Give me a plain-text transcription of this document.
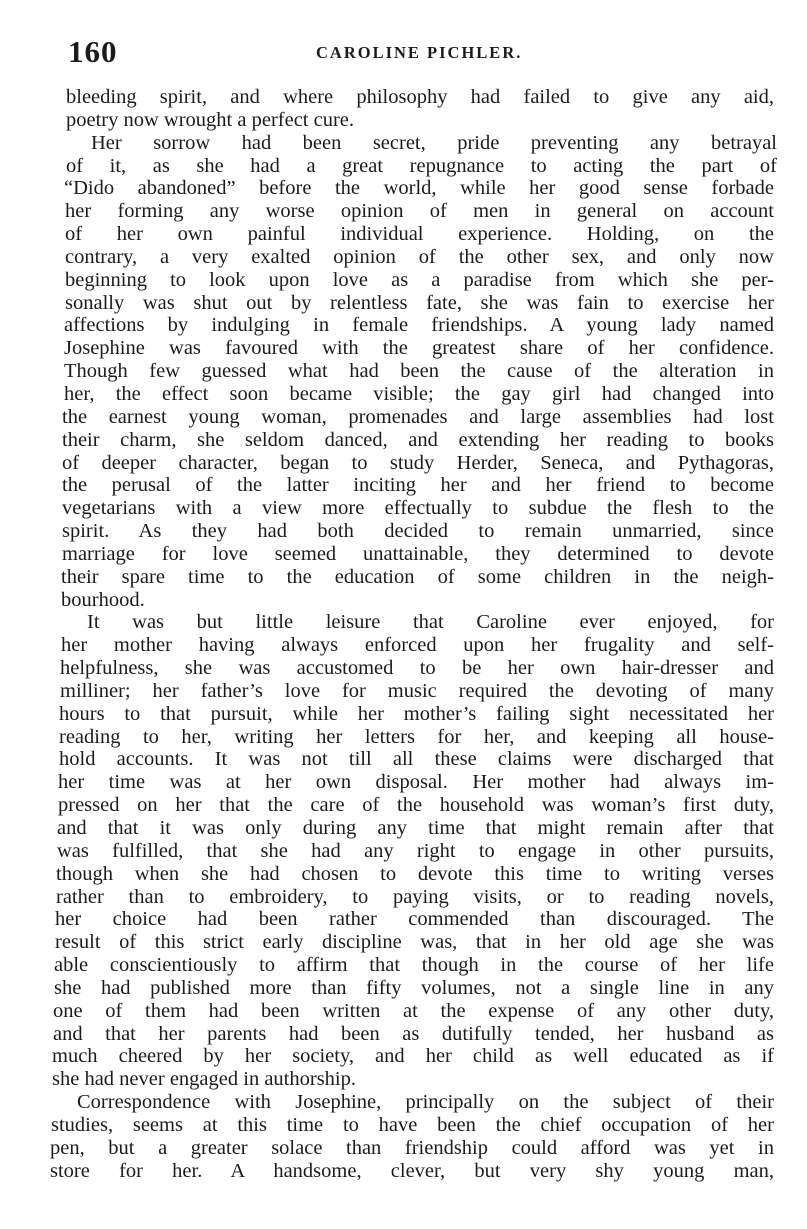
160	CAROLINE PICHLER.
bleeding spirit, and where philosophy had failed to give any aid,
poetry now wrought a perfect cure.
Her sorrow had been secret, pride preventing any betrayal
of it, as she had a great repugnance to acting the part of
“Dido abandoned” before the world, while her good sense forbade
her forming any worse opinion of men in general on account
of her own painful individual experience. Holding, on the
contrary, a very exalted opinion of the other sex, and only now
beginning to look upon love as a paradise from which she per-
sonally was shut out by relentless fate, she was fain to exercise her
affections by indulging in female friendships. A young lady named
Josephine was favoured with the greatest share of her confidence.
Though few guessed what had been the cause of the alteration in
her, the effect soon became visible; the gay girl had changed into
the earnest young woman, promenades and large assemblies had lost
their charm, she seldom danced, and extending her reading to books
of deeper character, began to study Herder, Seneca, and Pythagoras,
the perusal of the latter inciting her and her friend to become
vegetarians with a view more effectually to subdue the flesh to the
spirit. As they had both decided to remain unmarried, since
marriage for love seemed unattainable, they determined to devote
their spare time to the education of some children in the neigh-
bourhood.
It was but little leisure that Caroline ever enjoyed, for
her mother having always enforced upon her frugality and self-
helpfulness, she was accustomed to be her own hair-dresser and
milliner; her father’s love for music required the devoting of many
hours to that pursuit, while her mother’s failing sight necessitated her
reading to her, writing her letters for her, and keeping all house-
hold accounts. It was not till all these claims were discharged that
her time was at her own disposal. Her mother had always im-
pressed on her that the care of the household was woman’s first duty,
and that it was only during any time that might remain after that
was fulfilled, that she had any right to engage in other pursuits,
though when she had chosen to devote this time to writing verses
rather than to embroidery, to paying visits, or to reading novels,
her choice had been rather commended than discouraged. The
result of this strict early discipline was, that in her old age she was
able conscientiously to affirm that though in the course of her life
she had published more than fifty volumes, not a single line in any
one of them had been written at the expense of any other duty,
and that her parents had been as dutifully tended, her husband as
much cheered by her society, and her child as well educated as if
she had never engaged in authorship.
Correspondence with Josephine, principally on the subject of their
studies, seems at this time to have been the chief occupation of her
pen, but a greater solace than friendship could afford was yet in
store for her. A handsome, clever, but very shy young man,
